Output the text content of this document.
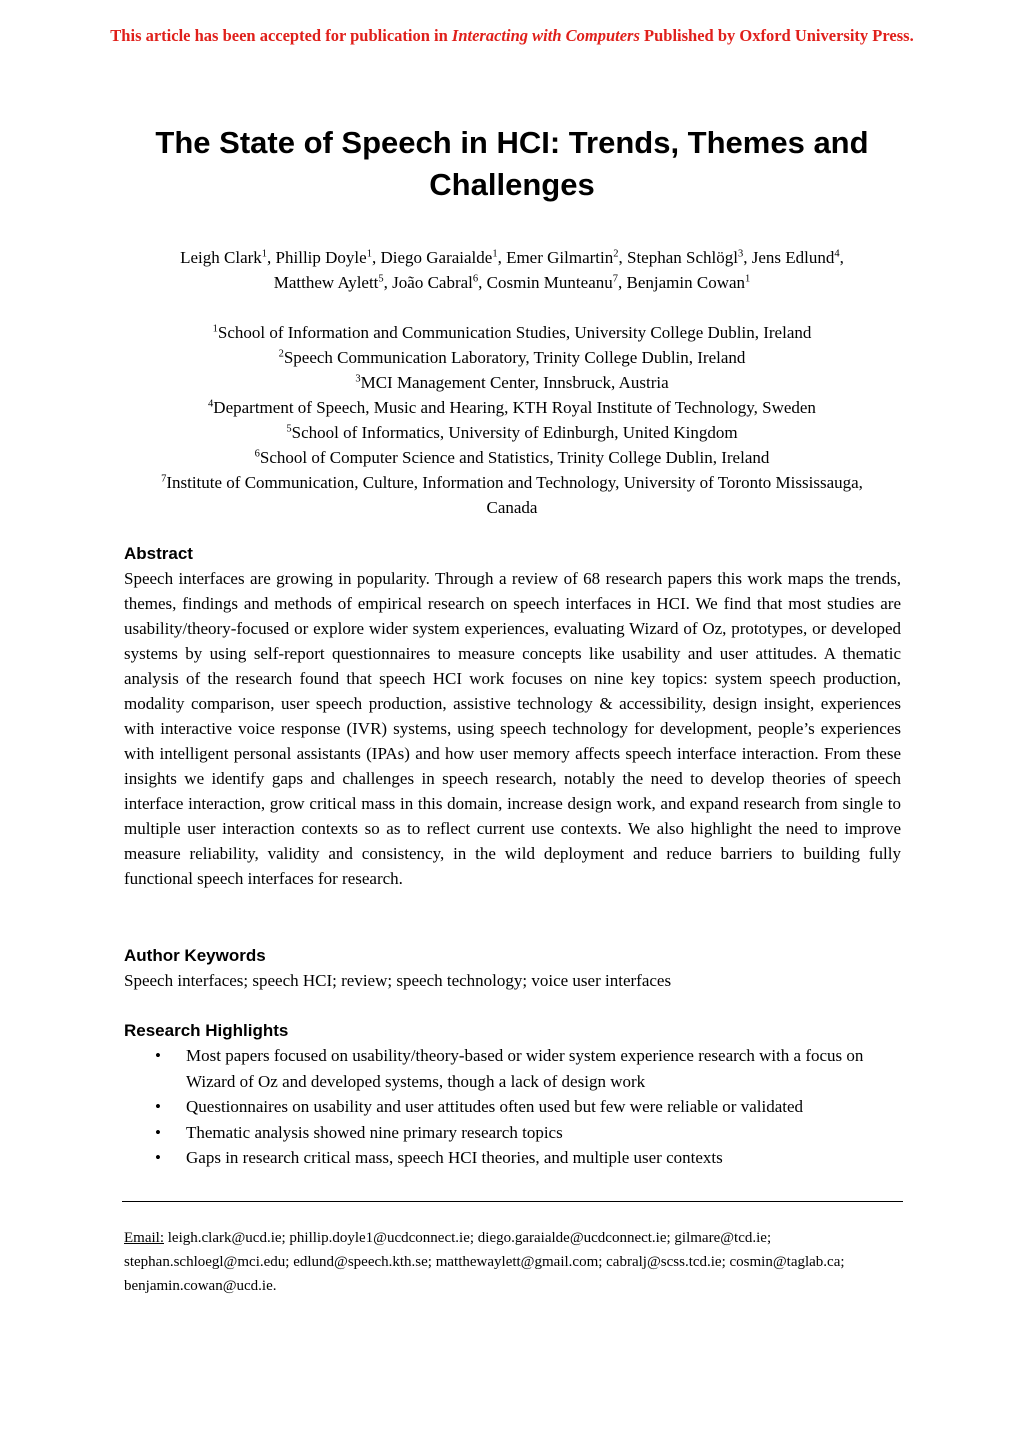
This article has been accepted for publication in Interacting with Computers Published by Oxford University Press.
The State of Speech in HCI: Trends, Themes and Challenges
Leigh Clark$^1$, Phillip Doyle$^1$, Diego Garaialde$^1$, Emer Gilmartin$^2$, Stephan Schlögl$^3$, Jens Edlund$^4$,
Matthew Aylett$^5$, João Cabral$^6$, Cosmin Munteanu$^7$, Benjamin Cowan$^1$
$^1$School of Information and Communication Studies, University College Dublin, Ireland
$^2$Speech Communication Laboratory, Trinity College Dublin, Ireland
$^3$MCI Management Center, Innsbruck, Austria
$^4$Department of Speech, Music and Hearing, KTH Royal Institute of Technology, Sweden
$^5$School of Informatics, University of Edinburgh, United Kingdom
$^6$School of Computer Science and Statistics, Trinity College Dublin, Ireland
$^7$Institute of Communication, Culture, Information and Technology, University of Toronto Mississauga, Canada
Abstract

Speech interfaces are growing in popularity. Through a review of 68 research papers this work maps the trends, themes, findings and methods of empirical research on speech interfaces in HCI. We find that most studies are usability/theory-focused or explore wider system experiences, evaluating Wizard of Oz, prototypes, or developed systems by using self-report questionnaires to measure concepts like usability and user attitudes. A thematic analysis of the research found that speech HCI work focuses on nine key topics: system speech production, modality comparison, user speech production, assistive technology & accessibility, design insight, experiences with interactive voice response (IVR) systems, using speech technology for development, people’s experiences with intelligent personal assistants (IPAs) and how user memory affects speech interface interaction. From these insights we identify gaps and challenges in speech research, notably the need to develop theories of speech interface interaction, grow critical mass in this domain, increase design work, and expand research from single to multiple user interaction contexts so as to reflect current use contexts. We also highlight the need to improve measure reliability, validity and consistency, in the wild deployment and reduce barriers to building fully functional speech interfaces for research.

Author Keywords

Speech interfaces; speech HCI; review; speech technology; voice user interfaces

Research Highlights
• Most papers focused on usability/theory-based or wider system experience research with a focus on Wizard of Oz and developed systems, though a lack of design work
• Questionnaires on usability and user attitudes often used but few were reliable or validated
• Thematic analysis showed nine primary research topics
• Gaps in research critical mass, speech HCI theories, and multiple user contexts
Email: leigh.clark@ucd.ie; phillip.doyle1@ucdconnect.ie; diego.garaialde@ucdconnect.ie; gilmare@tcd.ie; stephan.schloegl@mci.edu; edlund@speech.kth.se; matthewaylett@gmail.com; cabralj@scss.tcd.ie; cosmin@taglab.ca; benjamin.cowan@ucd.ie.
